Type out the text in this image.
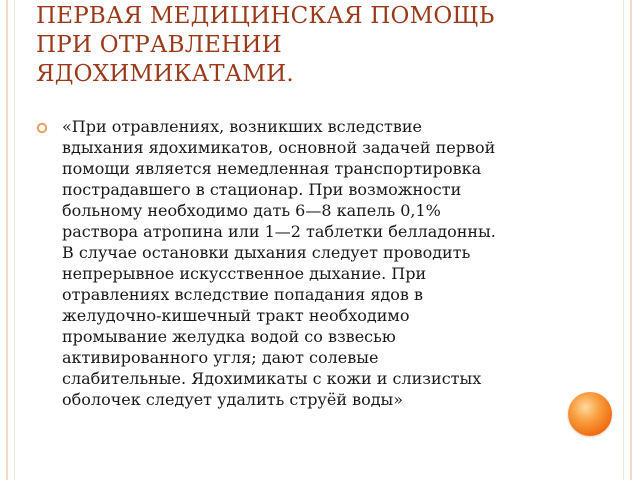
ПЕРВАЯ МЕДИЦИНСКАЯ ПОМОЩЬ
ПРИ ОТРАВЛЕНИИ
ЯДОХИМИКАТАМИ.

«При отравлениях, возникших вследствие
вдыхания ядохимикатов, основной задачей первой
помощи является немедленная транспортировка
пострадавшего в стационар. При возможности
больному необходимо дать 6—8 капель 0,1%
раствора атропина или 1—2 таблетки белладонны.
В случае остановки дыхания следует проводить
непрерывное искусственное дыхание. При
отравлениях вследствие попадания ядов в
желудочно-кишечный тракт необходимо
промывание желудка водой со взвесью
активированного угля; дают солевые
слабительные. Ядохимикаты с кожи и слизистых
оболочек следует удалить струёй воды»
